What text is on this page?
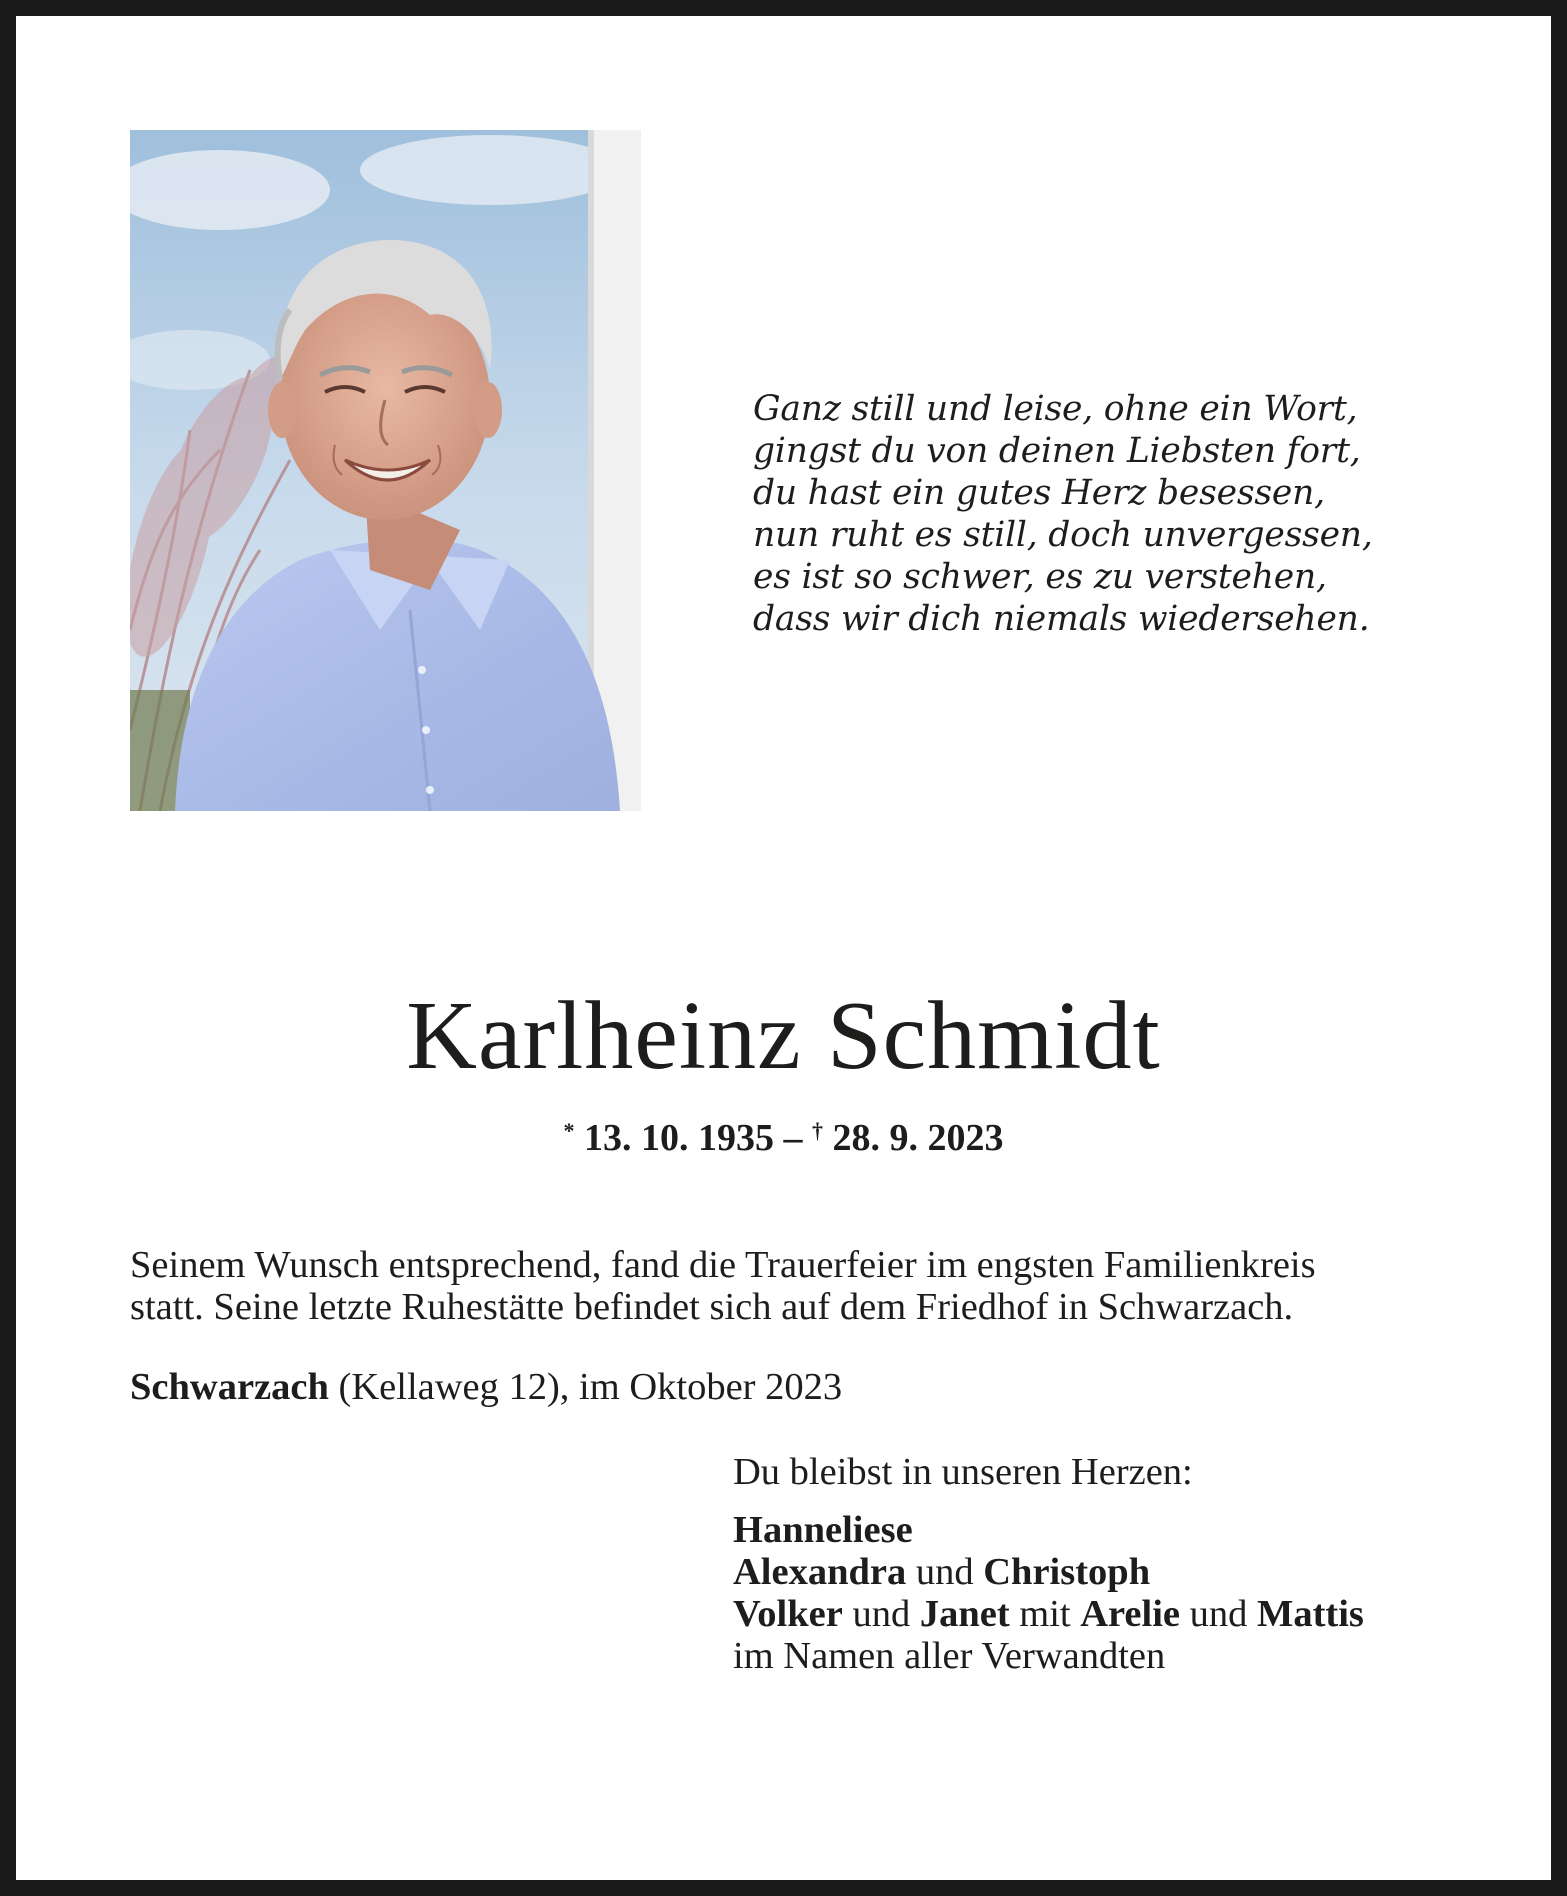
Ganz still und leise, ohne ein Wort,
gingst du von deinen Liebsten fort,
du hast ein gutes Herz besessen,
nun ruht es still, doch unvergessen,
es ist so schwer, es zu verstehen,
dass wir dich niemals wiedersehen.
Karlheinz Schmidt
* 13. 10. 1935 – † 28. 9. 2023
Seinem Wunsch entsprechend, fand die Trauerfeier im engsten Familienkreis
statt. Seine letzte Ruhestätte befindet sich auf dem Friedhof in Schwarzach.
Schwarzach (Kellaweg 12), im Oktober 2023
Du bleibst in unseren Herzen:
Hanneliese
Alexandra und Christoph
Volker und Janet mit Arelie und Mattis
im Namen aller Verwandten
